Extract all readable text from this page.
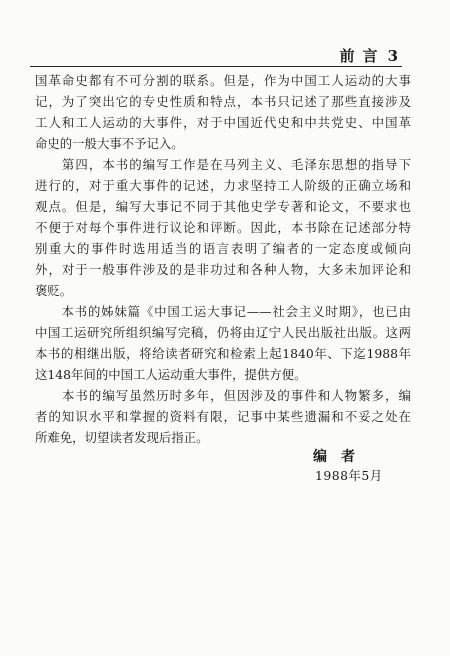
前言 3

国革命史都有不可分割的联系。但是，作为中国工人运动的大事

记，为了突出它的专史性质和特点，本书只记述了那些直接涉及

工人和工人运动的大事件，对于中国近代史和中共党史、中国革

命史的一般大事不予记入。

　　第四，本书的编写工作是在马列主义、毛泽东思想的指导下

进行的，对于重大事件的记述，力求坚持工人阶级的正确立场和

观点。但是，编写大事记不同于其他史学专著和论文，不要求也

不便于对每个事件进行议论和评断。因此，本书除在记述部分特

别重大的事件时选用适当的语言表明了编者的一定态度或倾向

外，对于一般事件涉及的是非功过和各种人物，大多未加评论和

褒贬。

　　本书的姊妹篇《中国工运大事记——社会主义时期》，也已由

中国工运研究所组织编写完稿，仍将由辽宁人民出版社出版。这两

本书的相继出版，将给读者研究和检索上起1840年、下迄1988年

这148年间的中国工人运动重大事件，提供方便。

　　本书的编写虽然历时多年，但因涉及的事件和人物繁多，编

者的知识水平和掌握的资料有限，记事中某些遗漏和不妥之处在

所难免，切望读者发现后指正。

编者
1988年5月
